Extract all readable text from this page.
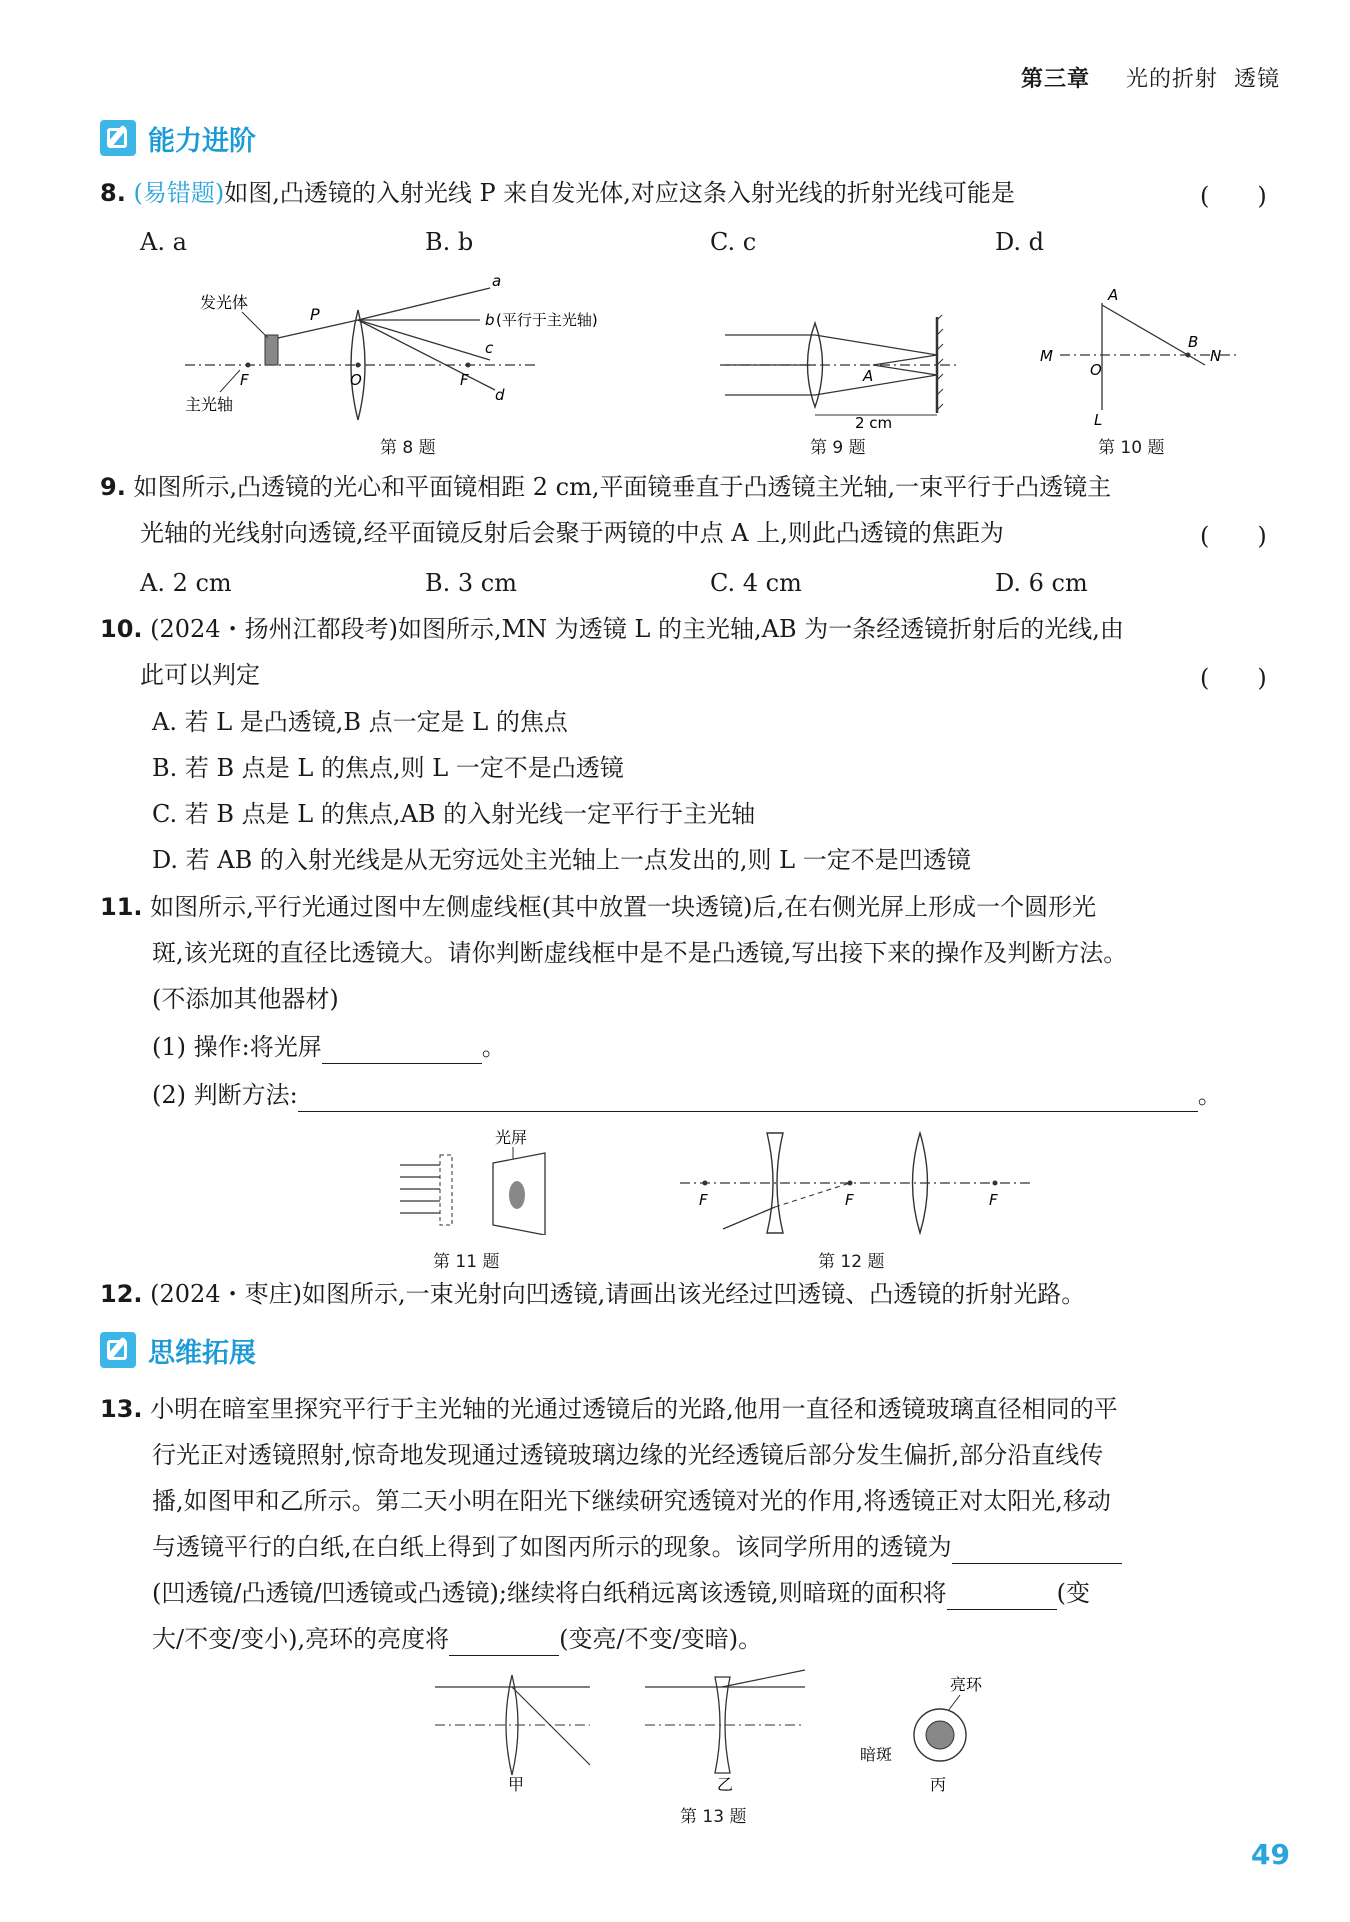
第三章 光的折射 透镜
能力进阶
8. (易错题)如图,凸透镜的入射光线 P 来自发光体,对应这条入射光线的折射光线可能是	(　　)
A. a	B. b	C. c	D. d
发光体
P
F	O	F
a
b (平行于主光轴)
c
d
主光轴
第 8 题
A
2 cm
第 9 题
A
B
M	N
O
L
第 10 题
9. 如图所示,凸透镜的光心和平面镜相距 2 cm,平面镜垂直于凸透镜主光轴,一束平行于凸透镜主
光轴的光线射向透镜,经平面镜反射后会聚于两镜的中点 A 上,则此凸透镜的焦距为	(　　)
A. 2 cm	B. 3 cm	C. 4 cm	D. 6 cm
10. (2024・扬州江都段考)如图所示,MN 为透镜 L 的主光轴,AB 为一条经透镜折射后的光线,由
此可以判定	(　　)
A. 若 L 是凸透镜,B 点一定是 L 的焦点
B. 若 B 点是 L 的焦点,则 L 一定不是凸透镜
C. 若 B 点是 L 的焦点,AB 的入射光线一定平行于主光轴
D. 若 AB 的入射光线是从无穷远处主光轴上一点发出的,则 L 一定不是凹透镜
11. 如图所示,平行光通过图中左侧虚线框(其中放置一块透镜)后,在右侧光屏上形成一个圆形光
斑,该光斑的直径比透镜大。请你判断虚线框中是不是凸透镜,写出接下来的操作及判断方法。
(不添加其他器材)
(1) 操作:将光屏	。
(2) 判断方法:	。
光屏
第 11 题
F	F	F
第 12 题
12. (2024・枣庄)如图所示,一束光射向凹透镜,请画出该光经过凹透镜、凸透镜的折射光路。
思维拓展
13. 小明在暗室里探究平行于主光轴的光通过透镜后的光路,他用一直径和透镜玻璃直径相同的平
行光正对透镜照射,惊奇地发现通过透镜玻璃边缘的光经透镜后部分发生偏折,部分沿直线传
播,如图甲和乙所示。第二天小明在阳光下继续研究透镜对光的作用,将透镜正对太阳光,移动
与透镜平行的白纸,在白纸上得到了如图丙所示的现象。该同学所用的透镜为
(凹透镜/凸透镜/凹透镜或凸透镜);继续将白纸稍远离该透镜,则暗斑的面积将	(变
大/不变/变小),亮环的亮度将	(变亮/不变/变暗)。
甲	乙
亮环
暗斑
丙
第 13 题
49
